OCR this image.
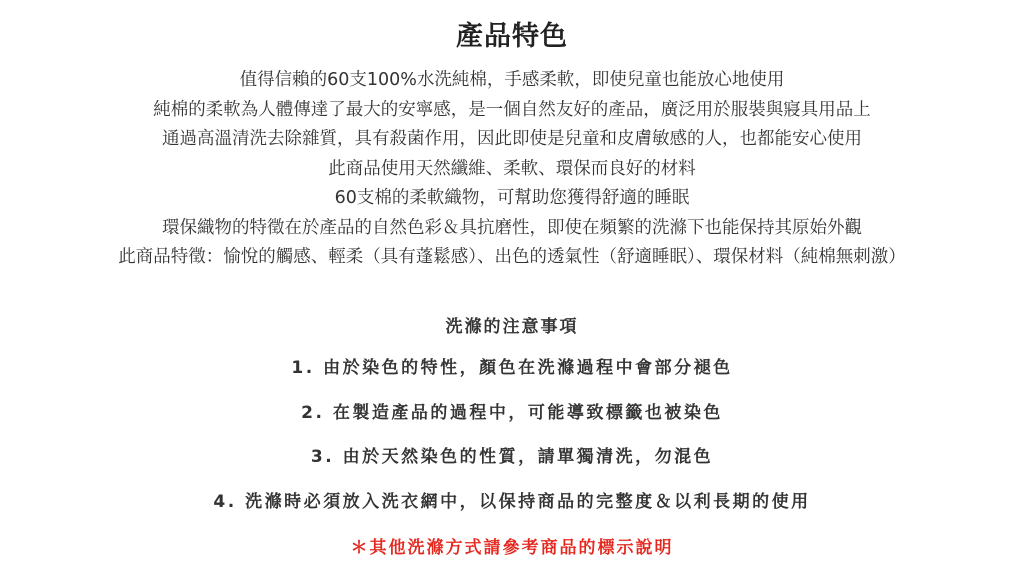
產品特色
值得信賴的60支100%水洗純棉，手感柔軟，即使兒童也能放心地使用
純棉的柔軟為人體傳達了最大的安寧感，是一個自然友好的產品，廣泛用於服裝與寢具用品上
通過高溫清洗去除雜質，具有殺菌作用，因此即使是兒童和皮膚敏感的人，也都能安心使用
此商品使用天然纖維、柔軟、環保而良好的材料
60支棉的柔軟織物，可幫助您獲得舒適的睡眠
環保織物的特徵在於產品的自然色彩＆具抗磨性，即使在頻繁的洗滌下也能保持其原始外觀
此商品特徵：愉悅的觸感、輕柔（具有蓬鬆感）、出色的透氣性（舒適睡眠）、環保材料（純棉無刺激）
洗滌的注意事項
1. 由於染色的特性，顏色在洗滌過程中會部分褪色
2. 在製造產品的過程中，可能導致標籤也被染色
3. 由於天然染色的性質，請單獨清洗，勿混色
4. 洗滌時必須放入洗衣網中，以保持商品的完整度＆以利長期的使用
＊其他洗滌方式請參考商品的標示說明
